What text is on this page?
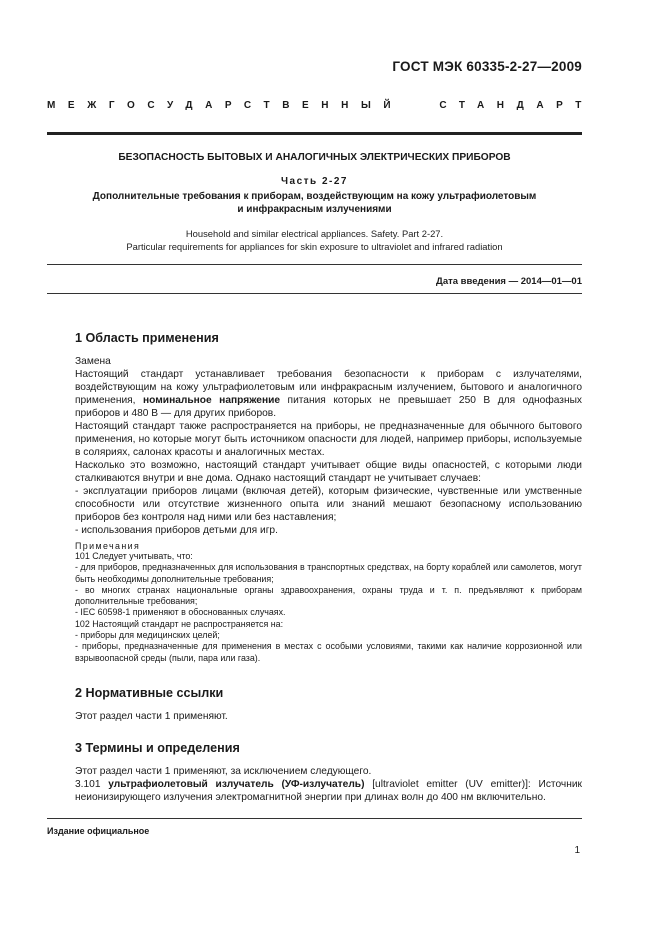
ГОСТ МЭК 60335-2-27—2009
МЕЖГОСУДАРСТВЕННЫЙ	СТАНДАРТ
БЕЗОПАСНОСТЬ БЫТОВЫХ И АНАЛОГИЧНЫХ ЭЛЕКТРИЧЕСКИХ ПРИБОРОВ
Часть 2-27
Дополнительные требования к приборам, воздействующим на кожу ультрафиолетовым
и инфракрасным излучениями
Household and similar electrical appliances. Safety. Part 2-27.
Particular requirements for appliances for skin exposure to ultraviolet and infrared radiation
Дата введения — 2014—01—01
1 Область применения

Замена

Настоящий стандарт устанавливает требования безопасности к приборам с излучателями, воздействующим на кожу ультрафиолетовым или инфракрасным излучением, бытового и аналогичного применения, номинальное напряжение питания которых не превышает 250 В для однофазных приборов и 480 В — для других приборов.

Настоящий стандарт также распространяется на приборы, не предназначенные для обычного бытового применения, но которые могут быть источником опасности для людей, например приборы, используемые в соляриях, салонах красоты и аналогичных местах.

Насколько это возможно, настоящий стандарт учитывает общие виды опасностей, с которыми люди сталкиваются внутри и вне дома. Однако настоящий стандарт не учитывает случаев:

- эксплуатации приборов лицами (включая детей), которым физические, чувственные или умственные способности или отсутствие жизненного опыта или знаний мешают безопасному использованию приборов без контроля над ними или без наставления;

- использования приборов детьми для игр.

Примечания

101 Следует учитывать, что:

- для приборов, предназначенных для использования в транспортных средствах, на борту кораблей или самолетов, могут быть необходимы дополнительные требования;

- во многих странах национальные органы здравоохранения, охраны труда и т. п. предъявляют к приборам дополнительные требования;

- IEC 60598-1 применяют в обоснованных случаях.

102 Настоящий стандарт не распространяется на:

- приборы для медицинских целей;

- приборы, предназначенные для применения в местах с особыми условиями, такими как наличие коррозионной или взрывоопасной среды (пыли, пара или газа).

2 Нормативные ссылки

Этот раздел части 1 применяют.

3 Термины и определения

Этот раздел части 1 применяют, за исключением следующего.

3.101 ультрафиолетовый излучатель (УФ-излучатель) [ultraviolet emitter (UV emitter)]: Источник неионизирующего излучения электромагнитной энергии при длинах волн до 400 нм включительно.

Издание официальное
1
